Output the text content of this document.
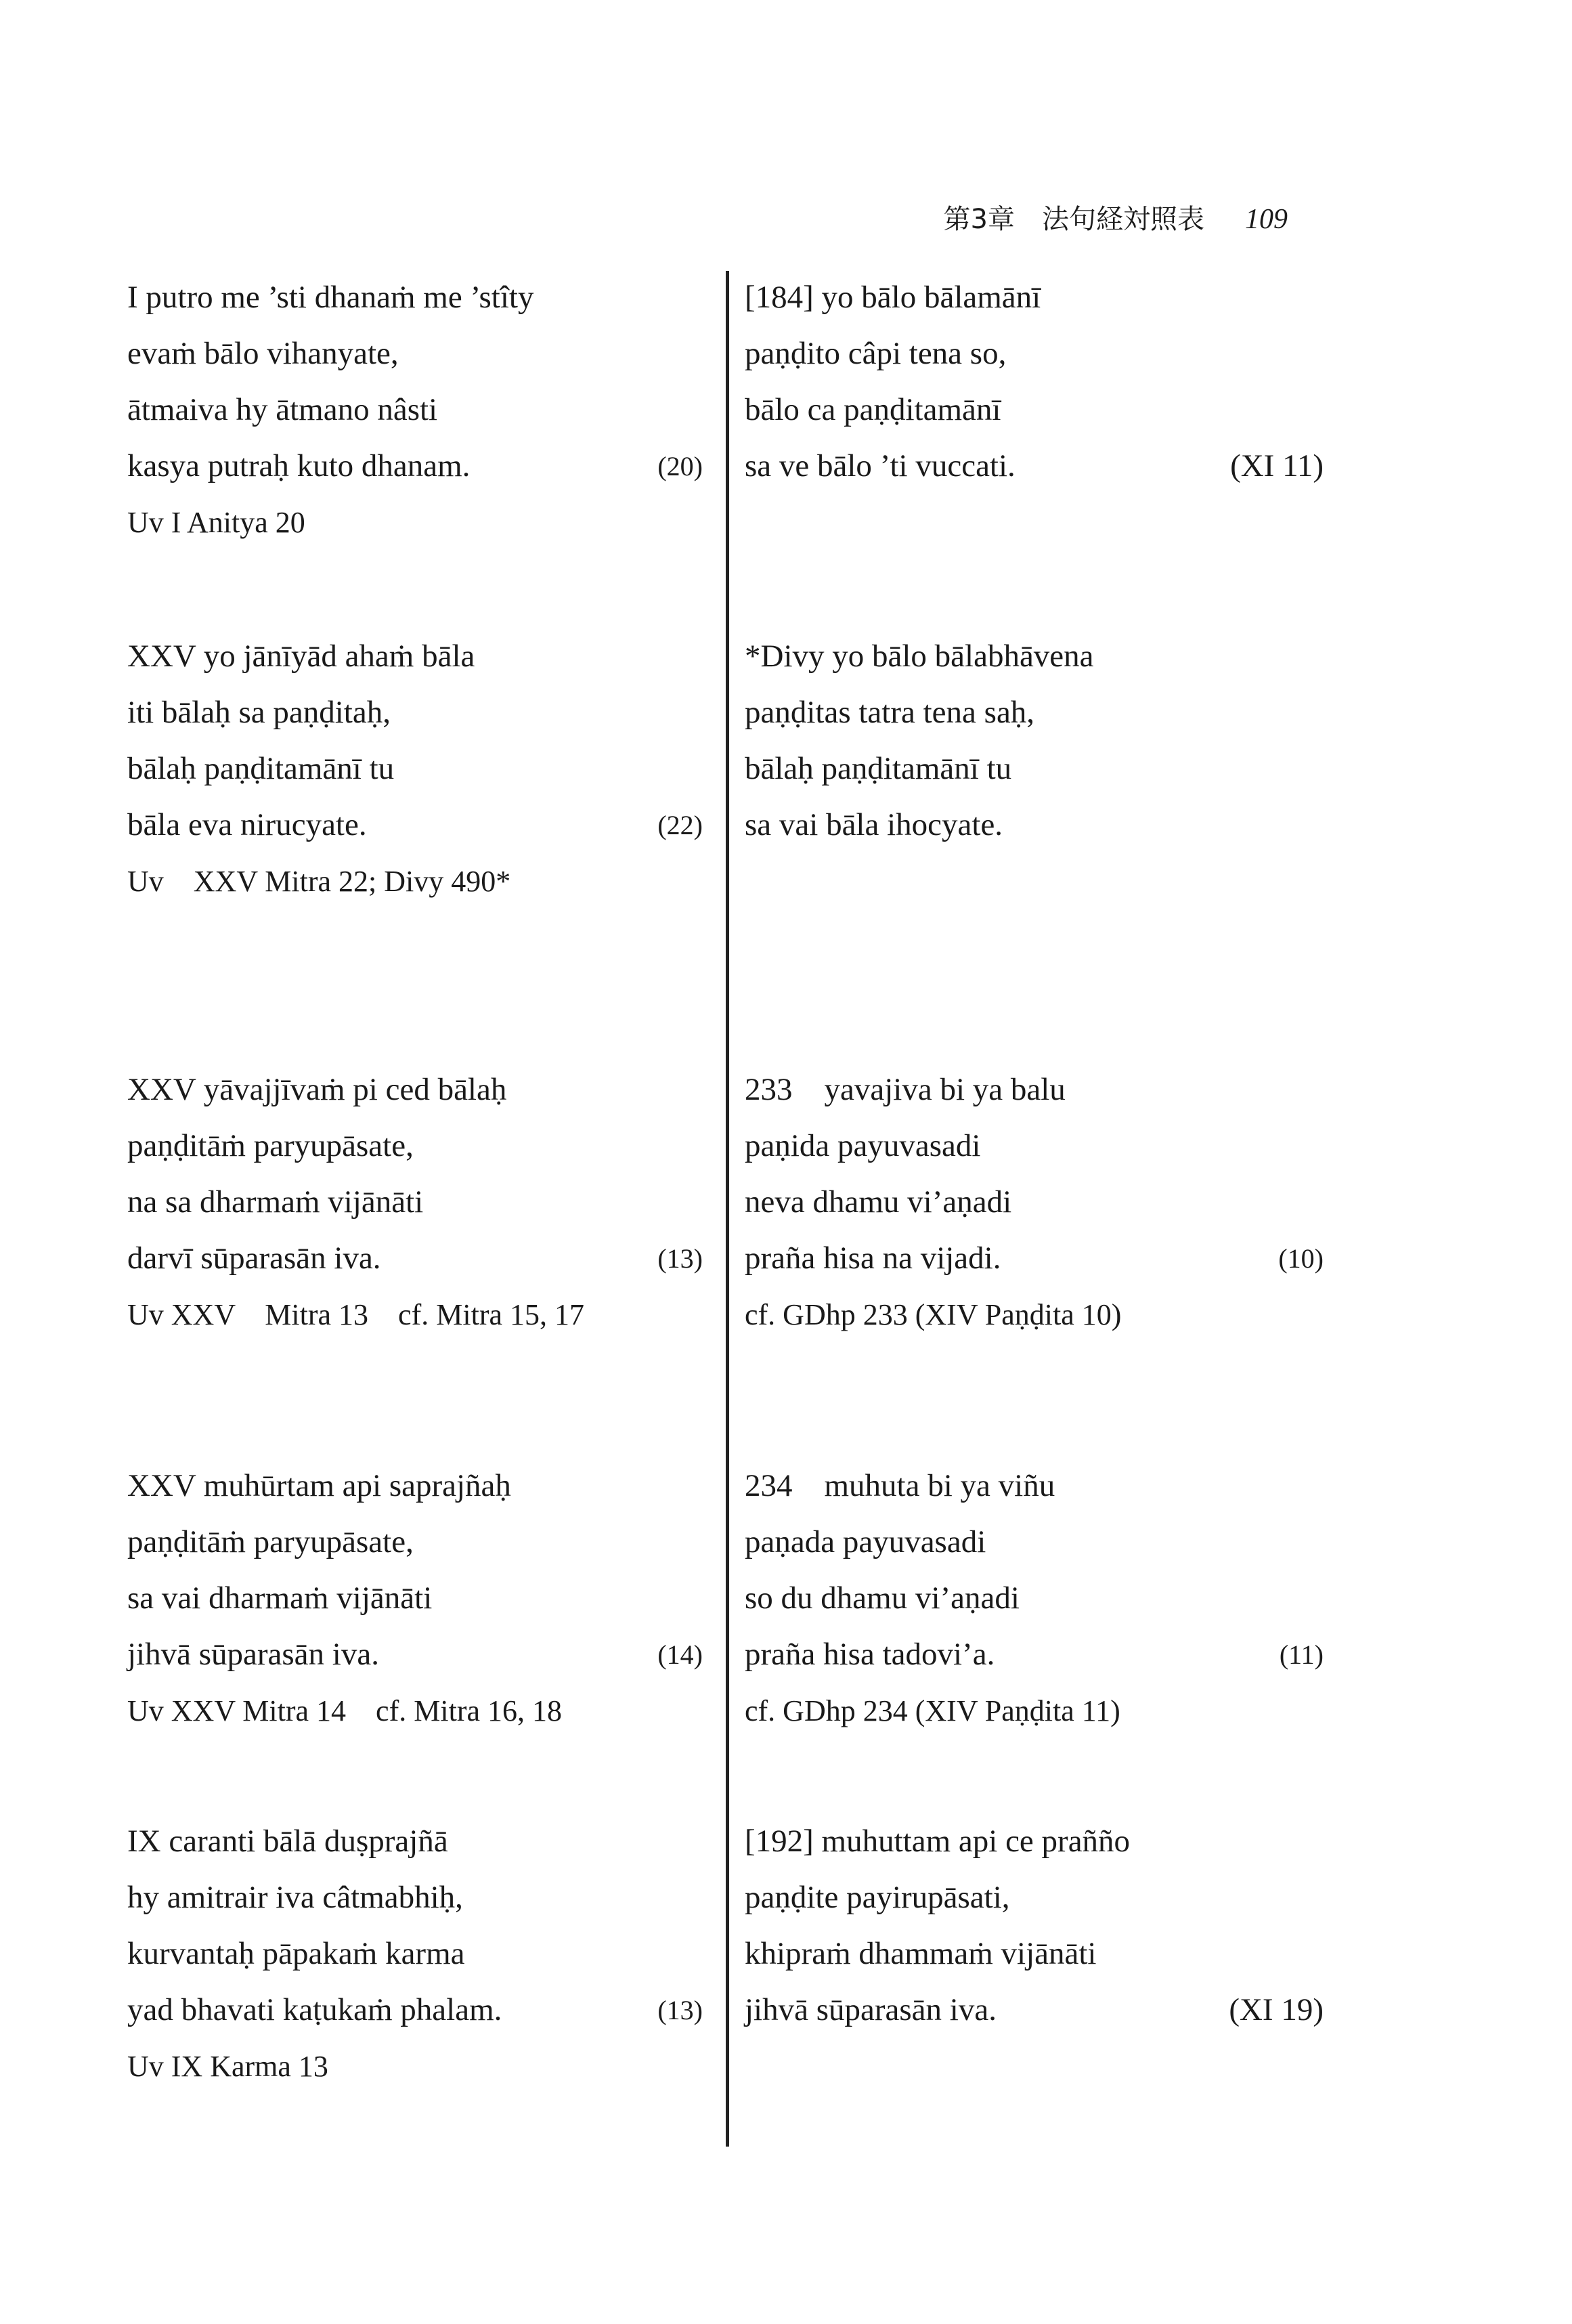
第3章　法句経対照表 109
I putro me ’sti dhanaṁ me ’stîty
evaṁ bālo vihanyate,
ātmaiva hy ātmano nâsti
kasya putraḥ kuto dhanam.	(20)
Uv I Anitya 20
[184] yo bālo bālamānī
paṇḍito câpi tena so,
bālo ca paṇḍitamānī
sa ve bālo ’ti vuccati.	(XI 11)
XXV yo jānīyād ahaṁ bāla
iti bālaḥ sa paṇḍitaḥ,
bālaḥ paṇḍitamānī tu
bāla eva nirucyate.	(22)
Uv　XXV Mitra 22; Divy 490*
*Divy yo bālo bālabhāvena
paṇḍitas tatra tena saḥ,
bālaḥ paṇḍitamānī tu
sa vai bāla ihocyate.
XXV yāvajjīvaṁ pi ced bālaḥ
paṇḍitāṁ paryupāsate,
na sa dharmaṁ vijānāti
darvī sūparasān iva.	(13)
Uv XXV　Mitra 13　cf. Mitra 15, 17
233　yavajiva bi ya balu
paṇida payuvasadi
neva dhamu vi’aṇadi
praña hisa na vijadi.	(10)
cf. GDhp 233 (XIV Paṇḍita 10)
XXV muhūrtam api saprajñaḥ
paṇḍitāṁ paryupāsate,
sa vai dharmaṁ vijānāti
jihvā sūparasān iva.	(14)
Uv XXV Mitra 14　cf. Mitra 16, 18
234　muhuta bi ya viñu
paṇada payuvasadi
so du dhamu vi’aṇadi
praña hisa tadovi’a.	(11)
cf. GDhp 234 (XIV Paṇḍita 11)
IX caranti bālā duṣprajñā
hy amitrair iva câtmabhiḥ,
kurvantaḥ pāpakaṁ karma
yad bhavati kaṭukaṁ phalam.	(13)
Uv IX Karma 13
[192] muhuttam api ce praññо
paṇḍite payirupāsati,
khipraṁ dhammaṁ vijānāti
jihvā sūparasān iva.	(XI 19)
